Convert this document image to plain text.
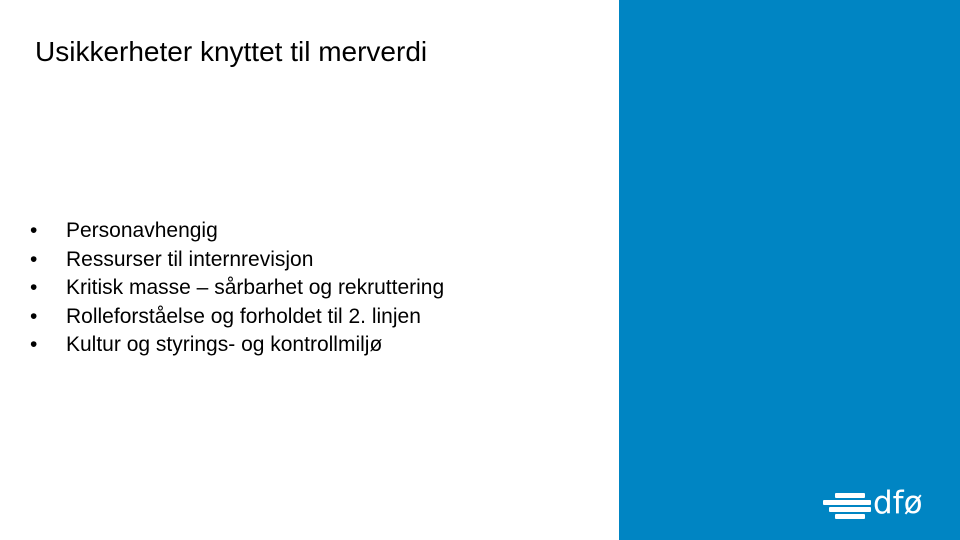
Usikkerheter knyttet til merverdi
• Personavhengig
• Ressurser til internrevisjon
• Kritisk masse – sårbarhet og rekruttering
• Rolleforståelse og forholdet til 2. linjen
• Kultur og styrings- og kontrollmiljø
dfø
